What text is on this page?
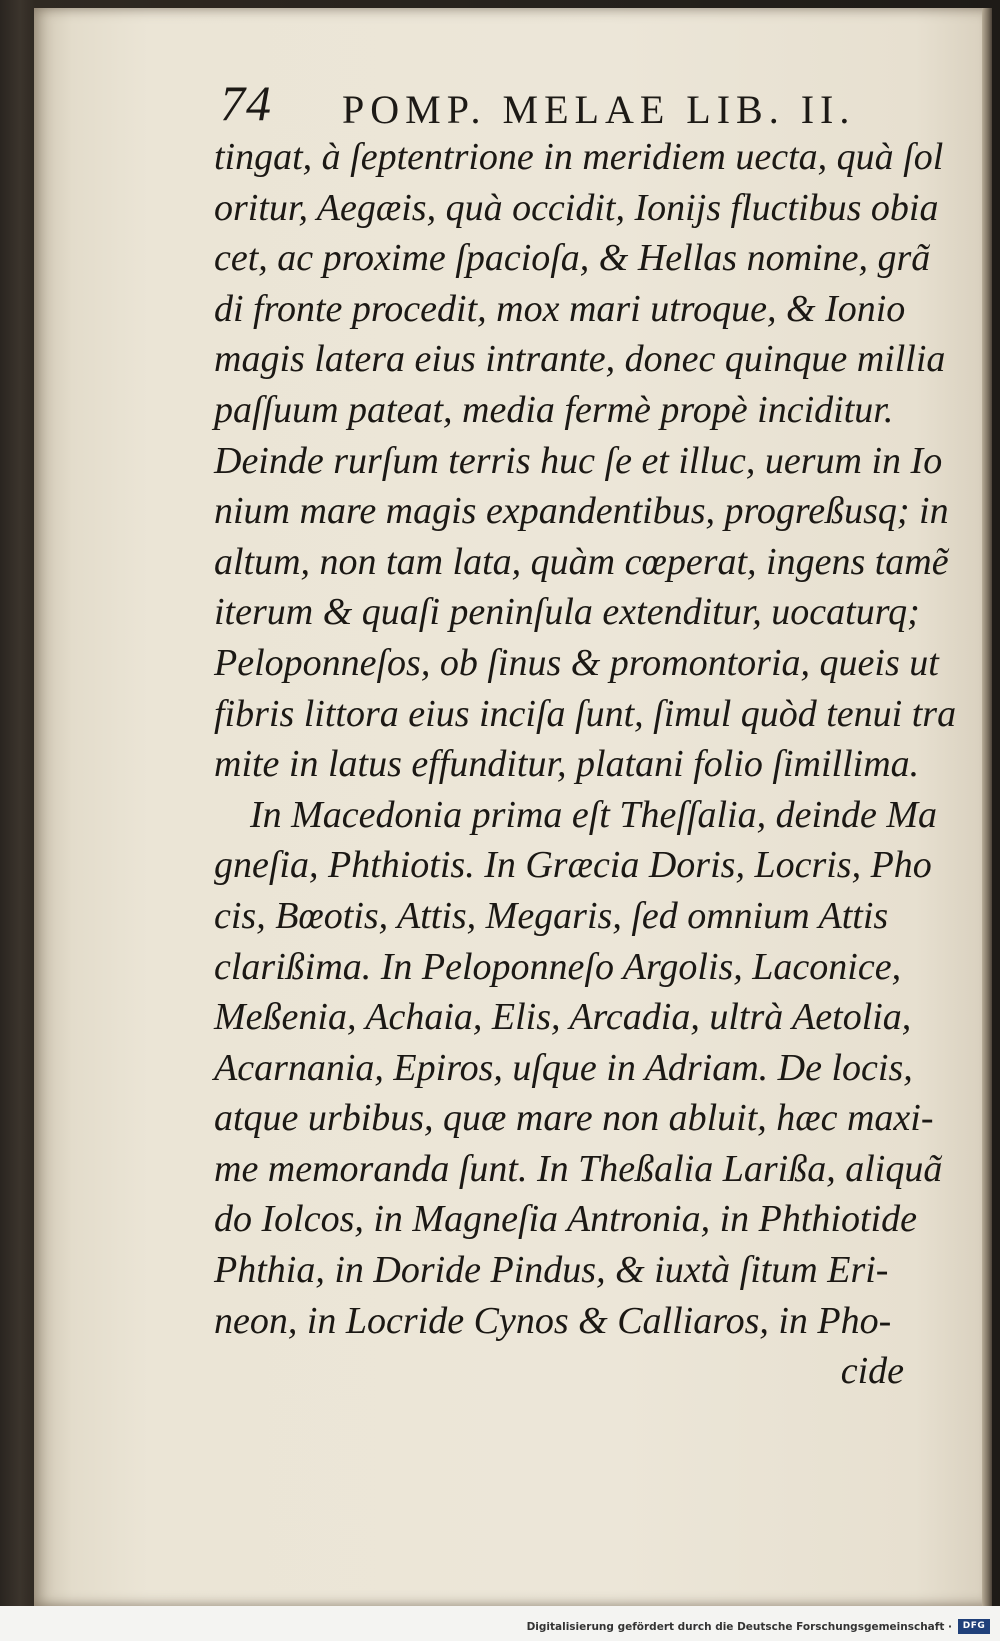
74 POMP. MELAE LIB. II.
tingat, à ſeptentrione in meridiem uecta, quà ſol
oritur, Aegæis, quà occidit, Ionijs fluctibus obia
cet, ac proxime ſpacioſa, & Hellas nomine, grã
di fronte procedit, mox mari utroque, & Ionio
magis latera eius intrante, donec quinque millia
paſſuum pateat, media fermè propè inciditur.
Deinde rurſum terris huc ſe et illuc, uerum in Io
nium mare magis expandentibus, progreßusq; in
altum, non tam lata, quàm cœperat, ingens tamẽ
iterum & quaſi peninſula extenditur, uocaturq;
Peloponneſos, ob ſinus & promontoria, queis ut
fibris littora eius inciſa ſunt, ſimul quòd tenui tra
mite in latus effunditur, platani folio ſimillima.
In Macedonia prima eſt Theſſalia, deinde Ma
gneſia, Phthiotis. In Græcia Doris, Locris, Pho
cis, Bœotis, Attis, Megaris, ſed omnium Attis
clarißima. In Peloponneſo Argolis, Laconice,
Meßenia, Achaia, Elis, Arcadia, ultrà Aetolia,
Acarnania, Epiros, uſque in Adriam. De locis,
atque urbibus, quæ mare non abluit, hæc maxi-
me memoranda ſunt. In Theßalia Larißa, aliquã
do Iolcos, in Magneſia Antronia, in Phthiotide
Phthia, in Doride Pindus, & iuxtà ſitum Eri-
neon, in Locride Cynos & Calliaros, in Pho-
cide
Digitalisierung gefördert durch die Deutsche Forschungsgemeinschaft ·	DFG
